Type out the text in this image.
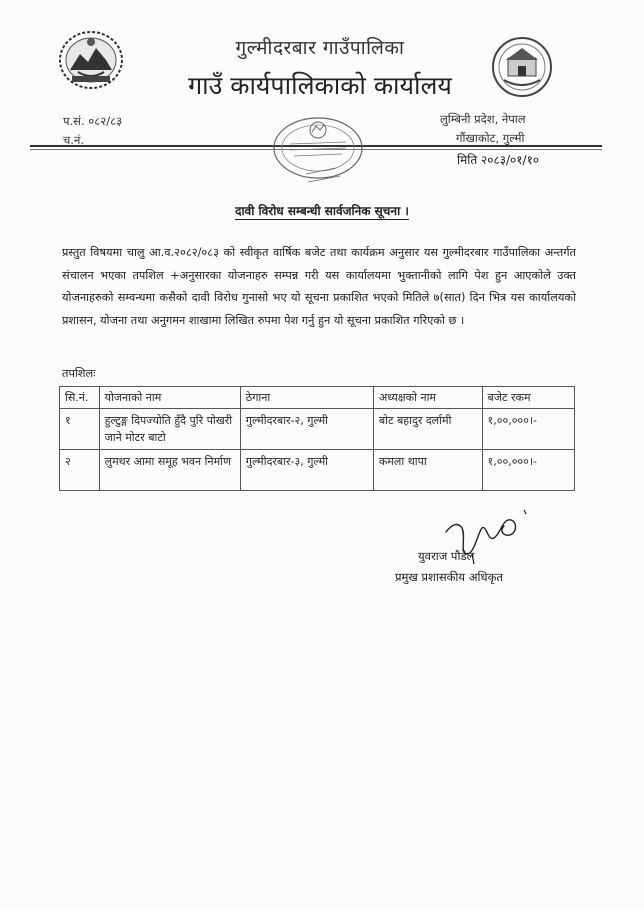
गुल्मीदरबार गाउँपालिका
गाउँ कार्यपालिकाको कार्यालय
प.सं. ०८२/८३
च.नं.
लुम्बिनी प्रदेश, नेपाल
गौंखाकोट, गुल्मी
मिति २०८३/०१/१०
दावी विरोध सम्बन्धी सार्वजनिक सूचना ।
प्रस्तुत विषयमा चालु आ.व.२०८२/०८३ को स्वीकृत वार्षिक बजेट तथा कार्यक्रम अनुसार यस गुल्मीदरबार गाउँपालिका अन्तर्गत संचालन भएका तपशिल +अनुसारका योजनाहरु सम्पन्न गरी यस कार्यालयमा भुक्तानीको लागि पेश हुन आएकोले उक्त योजनाहरुको सम्वन्धमा कसैको दावी विरोध गुनासो भए यो सूचना प्रकाशित भएको मितिले ७(सात) दिन भित्र यस कार्यालयको प्रशासन, योजना तथा अनुगमन शाखामा लिखित रुपमा पेश गर्नु हुन यो सूचना प्रकाशित गरिएको छ ।
तपशिलः
सि.नं.	योजनाको नाम	ठेगाना	अध्यक्षको नाम	बजेट रकम
१	हुल्टुङ्ग दिपज्योति हुँदै पुरि पोखरी जाने मोटर बाटो	गुल्मीदरबार-२, गुल्मी	बोट बहादुर दर्लामी	१,००,०००।-
२	लुमथर आमा समूह भवन निर्माण	गुल्मीदरबार-३, गुल्मी	कमला थापा	१,००,०००।-
युवराज पौडेल
प्रमुख प्रशासकीय अधिकृत
